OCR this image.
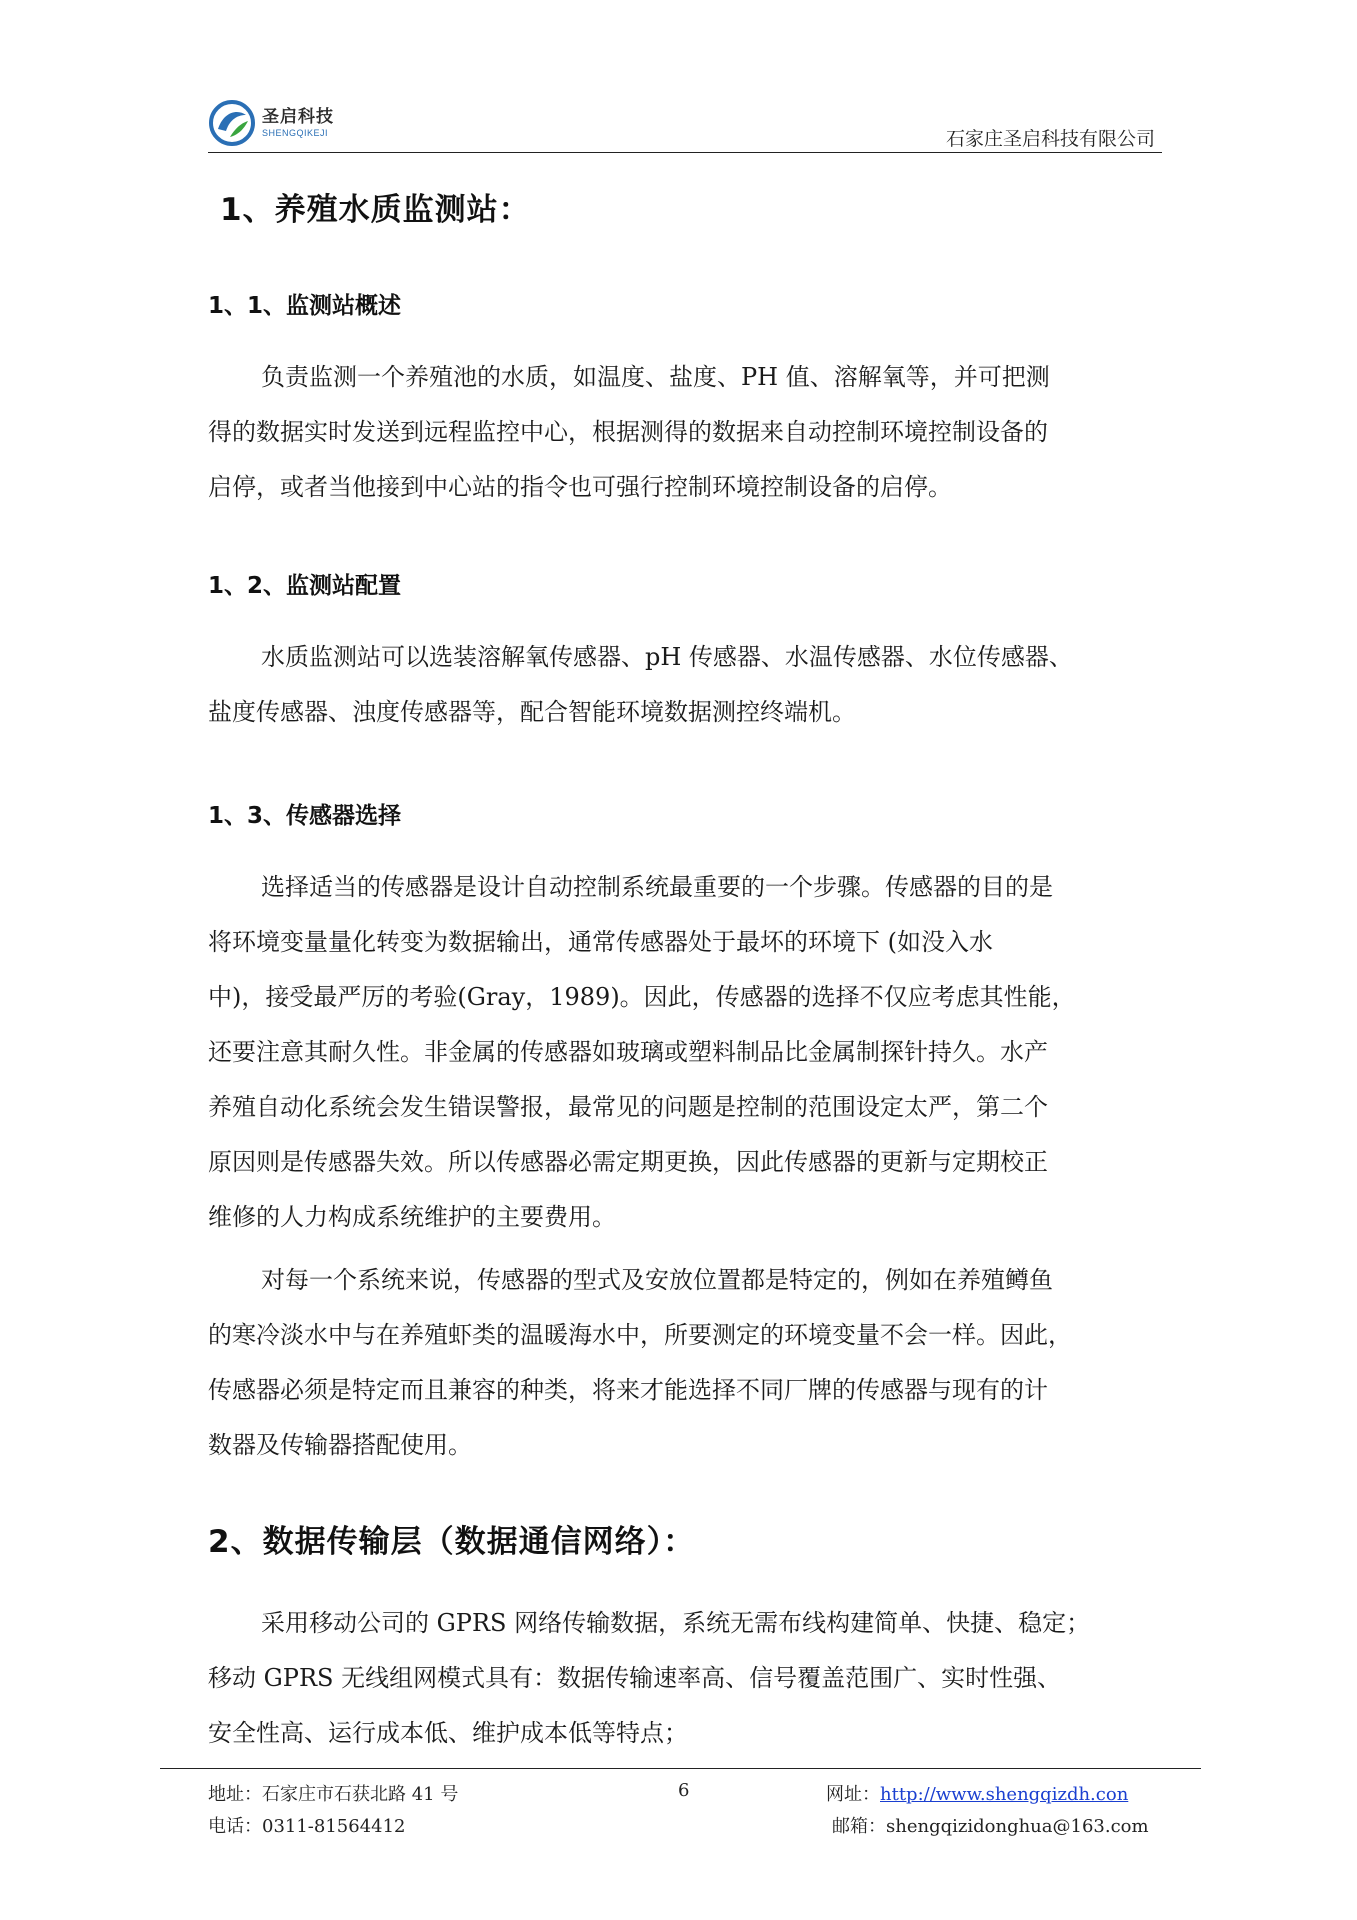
圣启科技
SHENGQIKEJI	石家庄圣启科技有限公司
1、养殖水质监测站：
1、1、监测站概述
负责监测一个养殖池的水质，如温度、盐度、PH 值、溶解氧等，并可把测
得的数据实时发送到远程监控中心，根据测得的数据来自动控制环境控制设备的
启停，或者当他接到中心站的指令也可强行控制环境控制设备的启停。
1、2、监测站配置
水质监测站可以选装溶解氧传感器、pH 传感器、水温传感器、水位传感器、
盐度传感器、浊度传感器等，配合智能环境数据测控终端机。
1、3、传感器选择
选择适当的传感器是设计自动控制系统最重要的一个步骤。传感器的目的是
将环境变量量化转变为数据输出，通常传感器处于最坏的环境下 (如没入水
中)，接受最严厉的考验(Gray，1989)。因此，传感器的选择不仅应考虑其性能，
还要注意其耐久性。非金属的传感器如玻璃或塑料制品比金属制探针持久。水产
养殖自动化系统会发生错误警报，最常见的问题是控制的范围设定太严，第二个
原因则是传感器失效。所以传感器必需定期更换，因此传感器的更新与定期校正
维修的人力构成系统维护的主要费用。
对每一个系统来说，传感器的型式及安放位置都是特定的，例如在养殖鳟鱼
的寒冷淡水中与在养殖虾类的温暖海水中，所要测定的环境变量不会一样。因此，
传感器必须是特定而且兼容的种类，将来才能选择不同厂牌的传感器与现有的计
数器及传输器搭配使用。
2、数据传输层（数据通信网络）：
采用移动公司的 GPRS 网络传输数据，系统无需布线构建简单、快捷、稳定；
移动 GPRS 无线组网模式具有：数据传输速率高、信号覆盖范围广、实时性强、
安全性高、运行成本低、维护成本低等特点；
地址：石家庄市石获北路 41 号
电话：0311-81564412
6	网址：http://www.shengqizdh.con
邮箱：shengqizidonghua@163.com
